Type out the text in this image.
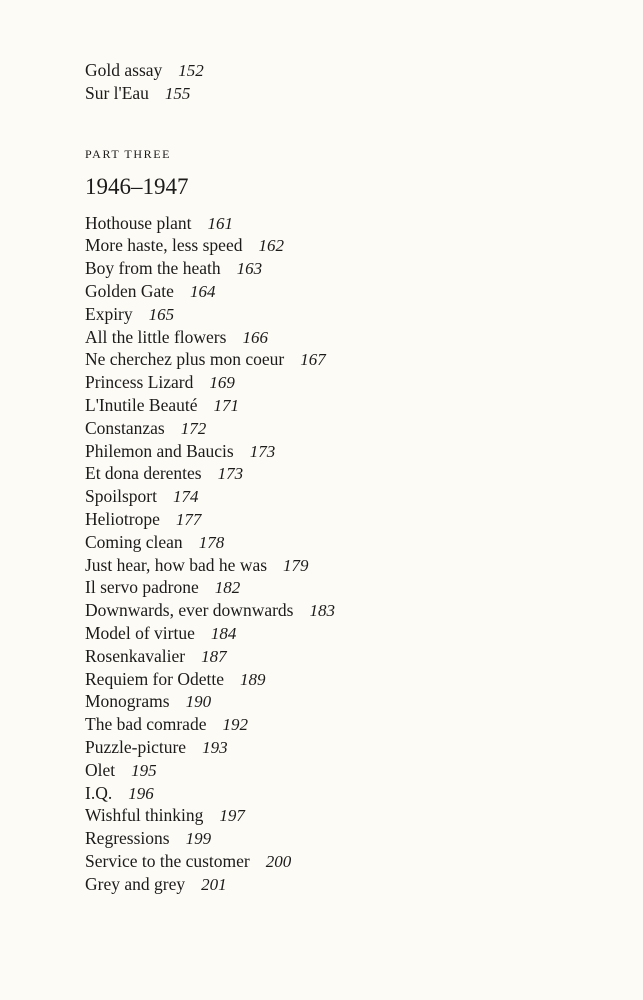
Gold assay 152
Sur l'Eau 155
PART THREE
1946–1947
Hothouse plant 161
More haste, less speed 162
Boy from the heath 163
Golden Gate 164
Expiry 165
All the little flowers 166
Ne cherchez plus mon coeur 167
Princess Lizard 169
L'Inutile Beauté 171
Constanzas 172
Philemon and Baucis 173
Et dona derentes 173
Spoilsport 174
Heliotrope 177
Coming clean 178
Just hear, how bad he was 179
Il servo padrone 182
Downwards, ever downwards 183
Model of virtue 184
Rosenkavalier 187
Requiem for Odette 189
Monograms 190
The bad comrade 192
Puzzle-picture 193
Olet 195
I.Q. 196
Wishful thinking 197
Regressions 199
Service to the customer 200
Grey and grey 201
